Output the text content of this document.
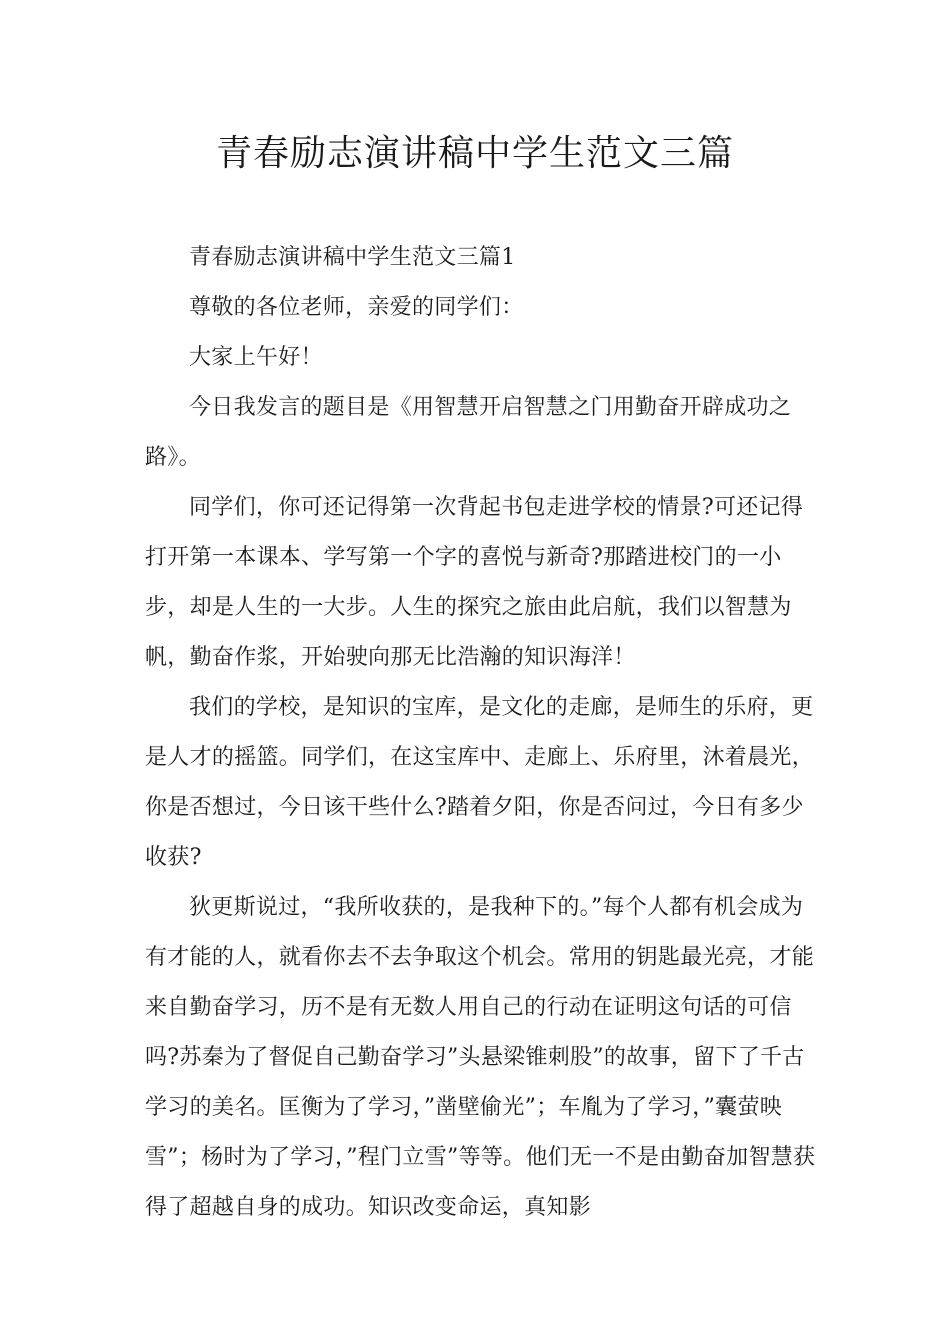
青春励志演讲稿中学生范文三篇

青春励志演讲稿中学生范文三篇1

尊敬的各位老师，亲爱的同学们：

大家上午好！

今日我发言的题目是《用智慧开启智慧之门用勤奋开辟成功之路》。

同学们，你可还记得第一次背起书包走进学校的情景?可还记得打开第一本课本、学写第一个字的喜悦与新奇?那踏进校门的一小步，却是人生的一大步。人生的探究之旅由此启航，我们以智慧为帆，勤奋作浆，开始驶向那无比浩瀚的知识海洋！

我们的学校，是知识的宝库，是文化的走廊，是师生的乐府，更是人才的摇篮。同学们，在这宝库中、走廊上、乐府里，沐着晨光，你是否想过，今日该干些什么?踏着夕阳，你是否问过，今日有多少收获?

狄更斯说过，“我所收获的，是我种下的。”每个人都有机会成为有才能的人，就看你去不去争取这个机会。常用的钥匙最光亮，才能来自勤奋学习，历不是有无数人用自己的行动在证明这句话的可信吗?苏秦为了督促自己勤奋学习”头悬梁锥刺股”的故事，留下了千古学习的美名。匡衡为了学习，”凿壁偷光”；车胤为了学习，”囊萤映雪”；杨时为了学习，”程门立雪”等等。他们无一不是由勤奋加智慧获得了超越自身的成功。知识改变命运，真知影
